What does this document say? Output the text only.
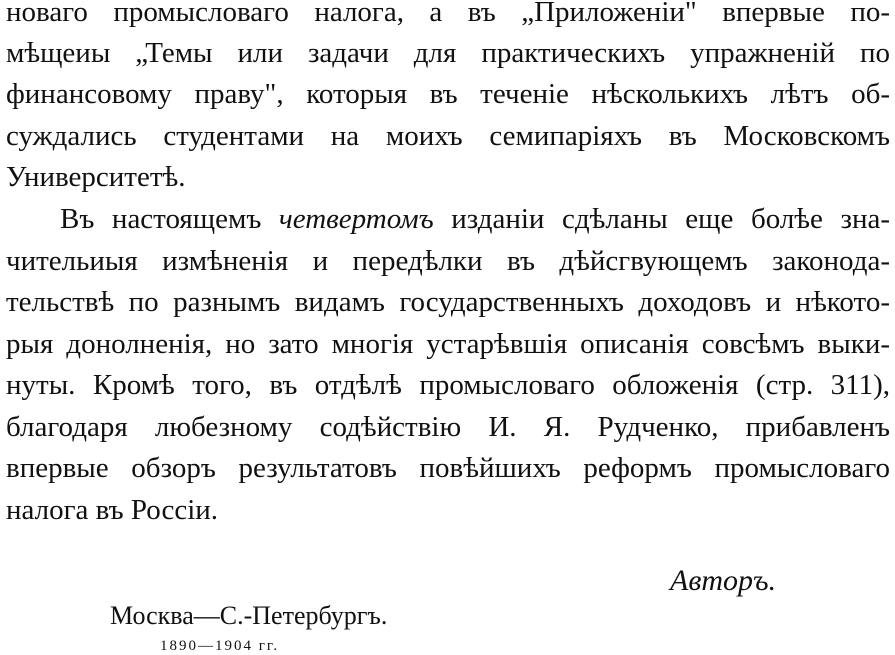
новаго промысловаго налога, а въ „Приложеніи" впервые по-
мѣщеиы „Темы или задачи для практическихъ упражненій по
финансовому праву", которыя въ теченіе нѣсколькихъ лѣтъ об-
суждались студентами на моихъ семипаріяхъ въ Московскомъ
Университетѣ.
Въ настоящемъ четвертомъ изданіи сдѣланы еще болѣе зна-
чительиыя измѣненія и передѣлки въ дѣйсгвующемъ законода-
тельствѣ по разнымъ видамъ государственныхъ доходовъ и нѣкото-
рыя донолненія, но зато многія устарѣвшія описанія совсѣмъ выки-
нуты. Кромѣ того, въ отдѣлѣ промысловаго обложенія (стр. 311),
благодаря любезному содѣйствію И. Я. Рудченко, прибавленъ
впервые обзоръ результатовъ повѣйшихъ реформъ промысловаго
налога въ Россіи.
Авторъ.
Москва—С.-Петербургъ.
1890—1904 гг.
